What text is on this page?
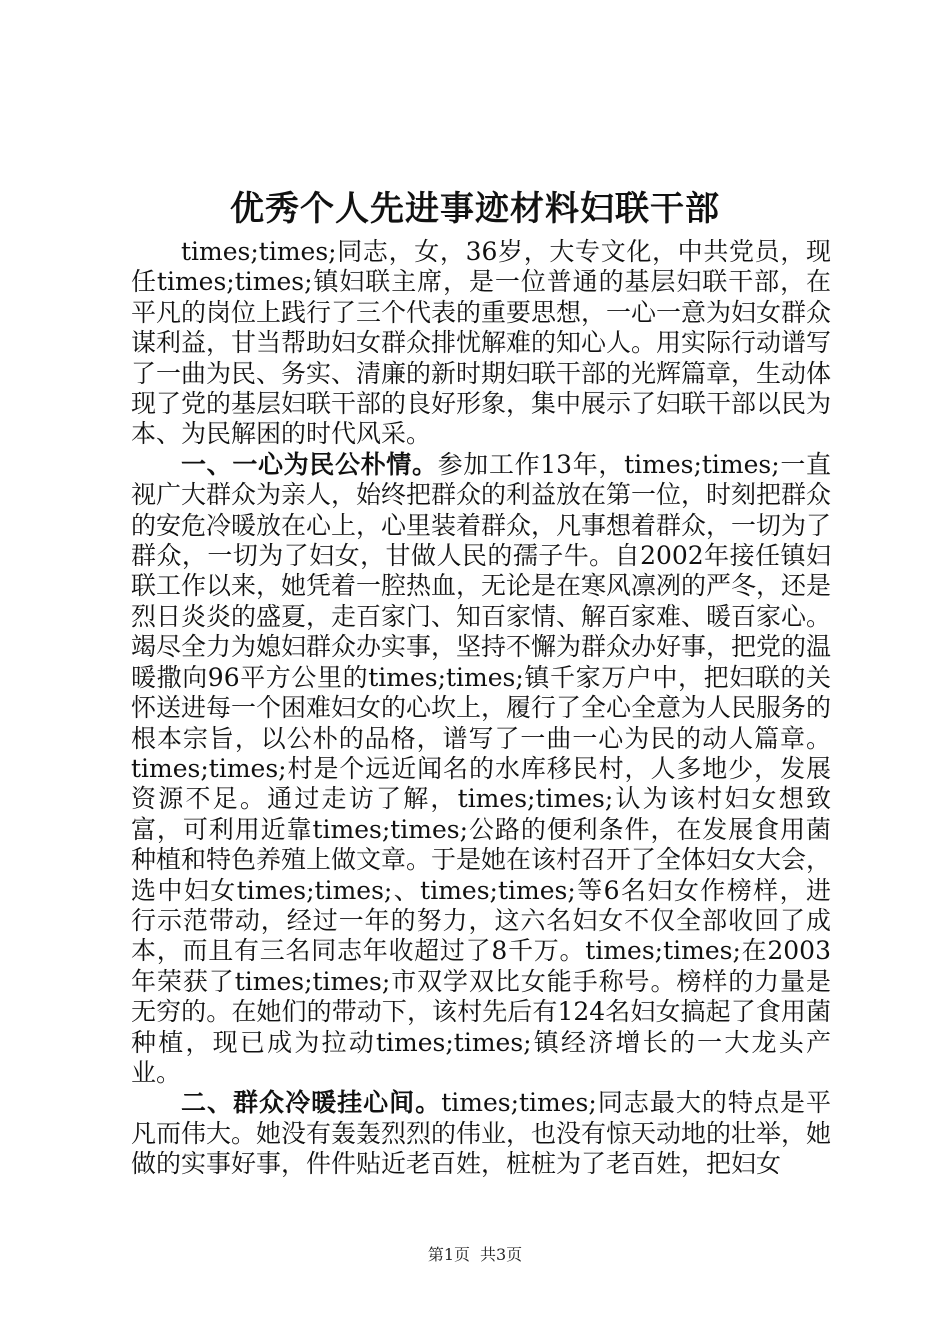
优秀个人先进事迹材料妇联干部

times;times;同志，女，36岁，大专文化，中共党员，现任times;times;镇妇联主席，是一位普通的基层妇联干部，在平凡的岗位上践行了三个代表的重要思想，一心一意为妇女群众谋利益，甘当帮助妇女群众排忧解难的知心人。用实际行动谱写了一曲为民、务实、清廉的新时期妇联干部的光辉篇章，生动体现了党的基层妇联干部的良好形象，集中展示了妇联干部以民为本、为民解困的时代风采。

一、一心为民公朴情。参加工作13年，times;times;一直视广大群众为亲人，始终把群众的利益放在第一位，时刻把群众的安危冷暖放在心上，心里装着群众，凡事想着群众，一切为了群众，一切为了妇女，甘做人民的孺子牛。自2002年接任镇妇联工作以来，她凭着一腔热血，无论是在寒风凛冽的严冬，还是烈日炎炎的盛夏，走百家门、知百家情、解百家难、暖百家心。竭尽全力为媳妇群众办实事，坚持不懈为群众办好事，把党的温暖撒向96平方公里的times;times;镇千家万户中，把妇联的关怀送进每一个困难妇女的心坎上，履行了全心全意为人民服务的根本宗旨，以公朴的品格，谱写了一曲一心为民的动人篇章。times;times;村是个远近闻名的水库移民村，人多地少，发展资源不足。通过走访了解，times;times;认为该村妇女想致富，可利用近靠times;times;公路的便利条件，在发展食用菌种植和特色养殖上做文章。于是她在该村召开了全体妇女大会，选中妇女times;times;、times;times;等6名妇女作榜样，进行示范带动，经过一年的努力，这六名妇女不仅全部收回了成本，而且有三名同志年收超过了8千万。times;times;在2003年荣获了times;times;市双学双比女能手称号。榜样的力量是无穷的。在她们的带动下，该村先后有124名妇女搞起了食用菌种植，现已成为拉动times;times;镇经济增长的一大龙头产业。

二、群众冷暖挂心间。times;times;同志最大的特点是平凡而伟大。她没有轰轰烈烈的伟业，也没有惊天动地的壮举，她做的实事好事，件件贴近老百姓，桩桩为了老百姓，把妇女

第1页 共3页
